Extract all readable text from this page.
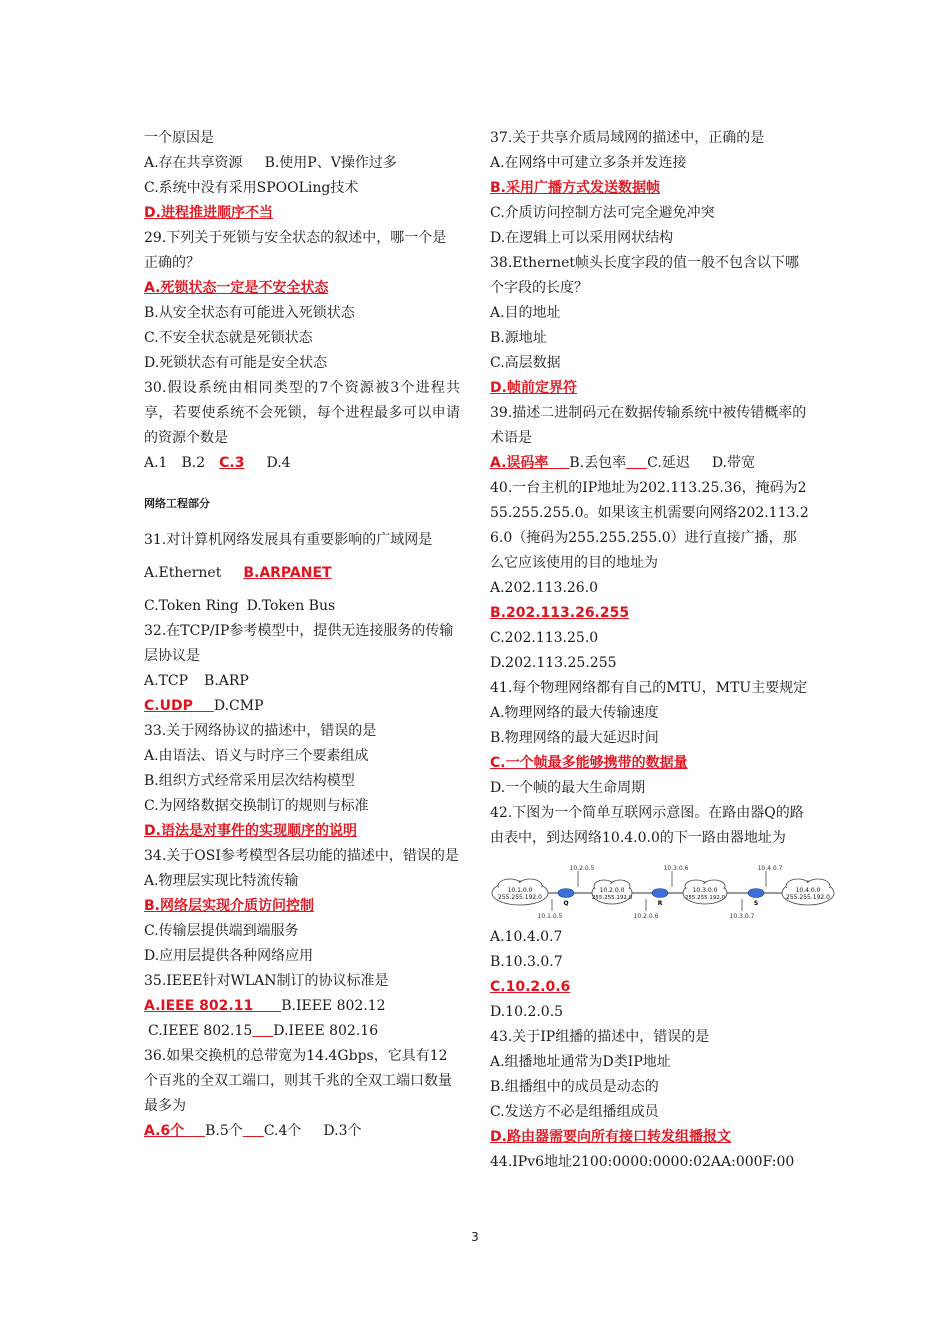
一个原因是
A.存在共享资源 B.使用P、V操作过多
C.系统中没有采用SPOOLing技术
D.进程推进顺序不当
29.下列关于死锁与安全状态的叙述中，哪一个是正确的？
A.死锁状态一定是不安全状态
B.从安全状态有可能进入死锁状态
C.不安全状态就是死锁状态
D.死锁状态有可能是安全状态
30.假设系统由相同类型的7个资源被3个进程共享，若要使系统不会死锁，每个进程最多可以申请的资源个数是
A.1 B.2 C.3 D.4
网络工程部分
31.对计算机网络发展具有重要影响的广域网是
A.Ethernet B.ARPANET
C.Token Ring D.Token Bus
32.在TCP/IP参考模型中，提供无连接服务的传输层协议是
A.TCP B.ARP
C.UDP   D.CMP
33.关于网络协议的描述中，错误的是
A.由语法、语义与时序三个要素组成
B.组织方式经常采用层次结构模型
C.为网络数据交换制订的规则与标准
D.语法是对事件的实现顺序的说明
34.关于OSI参考模型各层功能的描述中，错误的是
A.物理层实现比特流传输
B.网络层实现介质访问控制
C.传输层提供端到端服务
D.应用层提供各种网络应用
35.IEEE针对WLAN制订的协议标准是
A.IEEE 802.11   B.IEEE 802.12
C.IEEE 802.15   D.IEEE 802.16
36.如果交换机的总带宽为14.4Gbps，它具有12个百兆的全双工端口，则其千兆的全双工端口数量最多为
A.6个   B.5个   C.4个 D.3个
37.关于共享介质局域网的描述中，正确的是
A.在网络中可建立多条并发连接
B.采用广播方式发送数据帧
C.介质访问控制方法可完全避免冲突
D.在逻辑上可以采用网状结构
38.Ethernet帧头长度字段的值一般不包含以下哪个字段的长度？
A.目的地址
B.源地址
C.高层数据
D.帧前定界符
39.描述二进制码元在数据传输系统中被传错概率的术语是
A.误码率   B.丢包率   C.延迟 D.带宽
40.一台主机的IP地址为202.113.25.36，掩码为255.255.255.0。如果该主机需要向网络202.113.26.0（掩码为255.255.255.0）进行直接广播，那么它应该使用的目的地址为
A.202.113.26.0
B.202.113.26.255
C.202.113.25.0
D.202.113.25.255
41.每个物理网络都有自己的MTU，MTU主要规定
A.物理网络的最大传输速度
B.物理网络的最大延迟时间
C.一个帧最多能够携带的数据量
D.一个帧的最大生命周期
42.下图为一个简单互联网示意图。在路由器Q的路由表中，到达网络10.4.0.0的下一路由器地址为
10.1.0.0
255.255.192.0
10.2.0.0
255.255.192.0
10.3.0.0
255.255.192.0
10.4.0.0
255.255.192.0
Q	R	S
10.2.0.5
10.1.0.5
10.3.0.6
10.2.0.6
10.4.0.7
10.3.0.7
A.10.4.0.7
B.10.3.0.7
C.10.2.0.6
D.10.2.0.5
43.关于IP组播的描述中，错误的是
A.组播地址通常为D类IP地址
B.组播组中的成员是动态的
C.发送方不必是组播组成员
D.路由器需要向所有接口转发组播报文
44.IPv6地址2100:0000:0000:02AA:000F:00
3
